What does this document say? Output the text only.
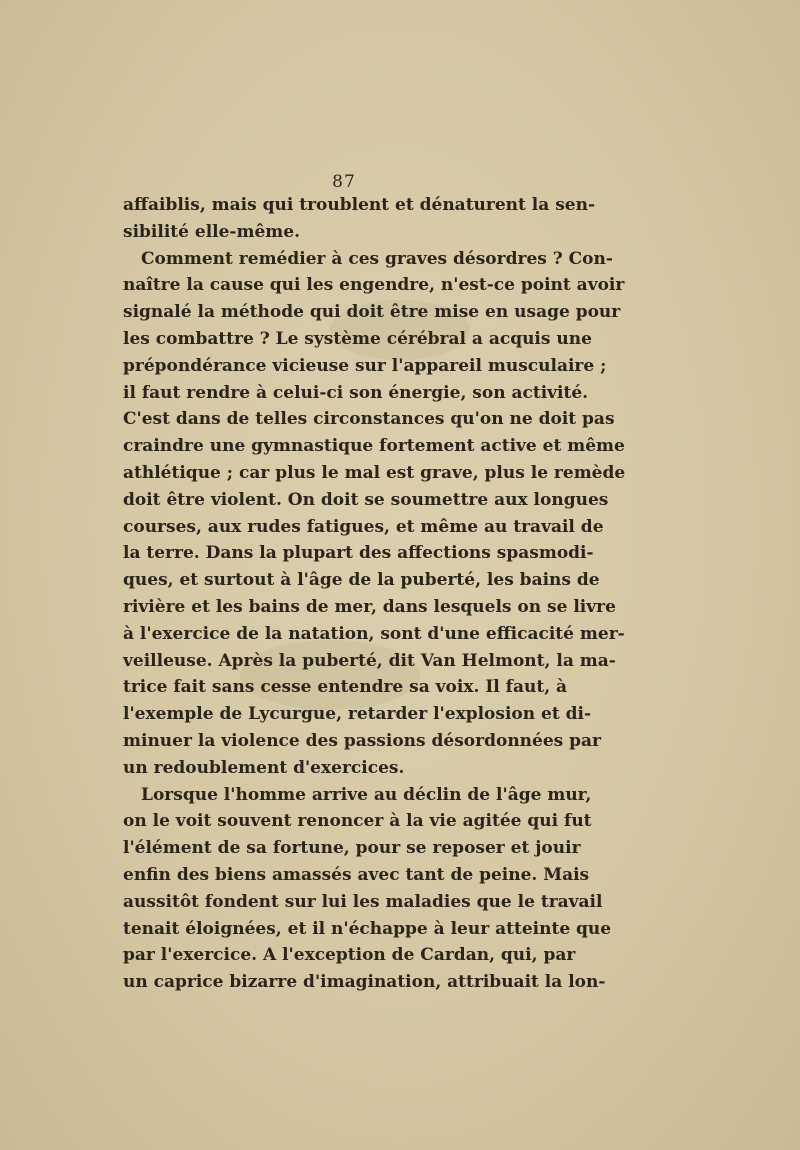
87
affaiblis, mais qui troublent et dénaturent la sen-
sibilité elle-même.
Comment remédier à ces graves désordres ? Con-
naître la cause qui les engendre, n'est-ce point avoir
signalé la méthode qui doit être mise en usage pour
les combattre ? Le système cérébral a acquis une
prépondérance vicieuse sur l'appareil musculaire ;
il faut rendre à celui-ci son énergie, son activité.
C'est dans de telles circonstances qu'on ne doit pas
craindre une gymnastique fortement active et même
athlétique ; car plus le mal est grave, plus le remède
doit être violent. On doit se soumettre aux longues
courses, aux rudes fatigues, et même au travail de
la terre. Dans la plupart des affections spasmodi-
ques, et surtout à l'âge de la puberté, les bains de
rivière et les bains de mer, dans lesquels on se livre
à l'exercice de la natation, sont d'une efficacité mer-
veilleuse. Après la puberté, dit Van Helmont, la ma-
trice fait sans cesse entendre sa voix. Il faut, à
l'exemple de Lycurgue, retarder l'explosion et di-
minuer la violence des passions désordonnées par
un redoublement d'exercices.
Lorsque l'homme arrive au déclin de l'âge mur,
on le voit souvent renoncer à la vie agitée qui fut
l'élément de sa fortune, pour se reposer et jouir
enfin des biens amassés avec tant de peine. Mais
aussitôt fondent sur lui les maladies que le travail
tenait éloignées, et il n'échappe à leur atteinte que
par l'exercice. A l'exception de Cardan, qui, par
un caprice bizarre d'imagination, attribuait la lon-
